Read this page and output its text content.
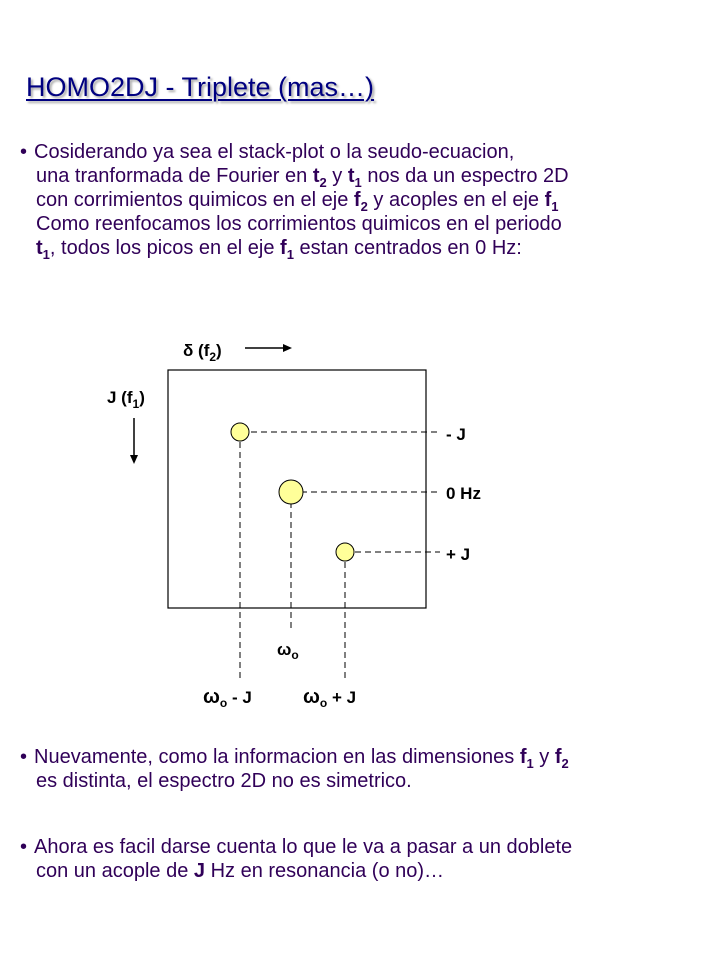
HOMO2DJ - Triplete (mas…)
• Cosiderando ya sea el stack-plot o la seudo-ecuacion,
una tranformada de Fourier en $t_2$ y $t_1$ nos da un espectro 2D
con corrimientos quimicos en el eje $f_2$ y acoples en el eje $f_1$
Como reenfocamos los corrimientos quimicos en el periodo
$t_1$, todos los picos en el eje $f_1$ estan centrados en 0 Hz:
δ $(f_2)$
J $(f_1)$
- J
0 Hz
+ J
$\omega_o$
$\omega_o$ - J	$\omega_o + J$
• Nuevamente, como la informacion en las dimensiones $f_1$ y $f_2$
es distinta, el espectro 2D no es simetrico.
• Ahora es facil darse cuenta lo que le va a pasar a un doblete
con un acople de J Hz en resonancia (o no)…
